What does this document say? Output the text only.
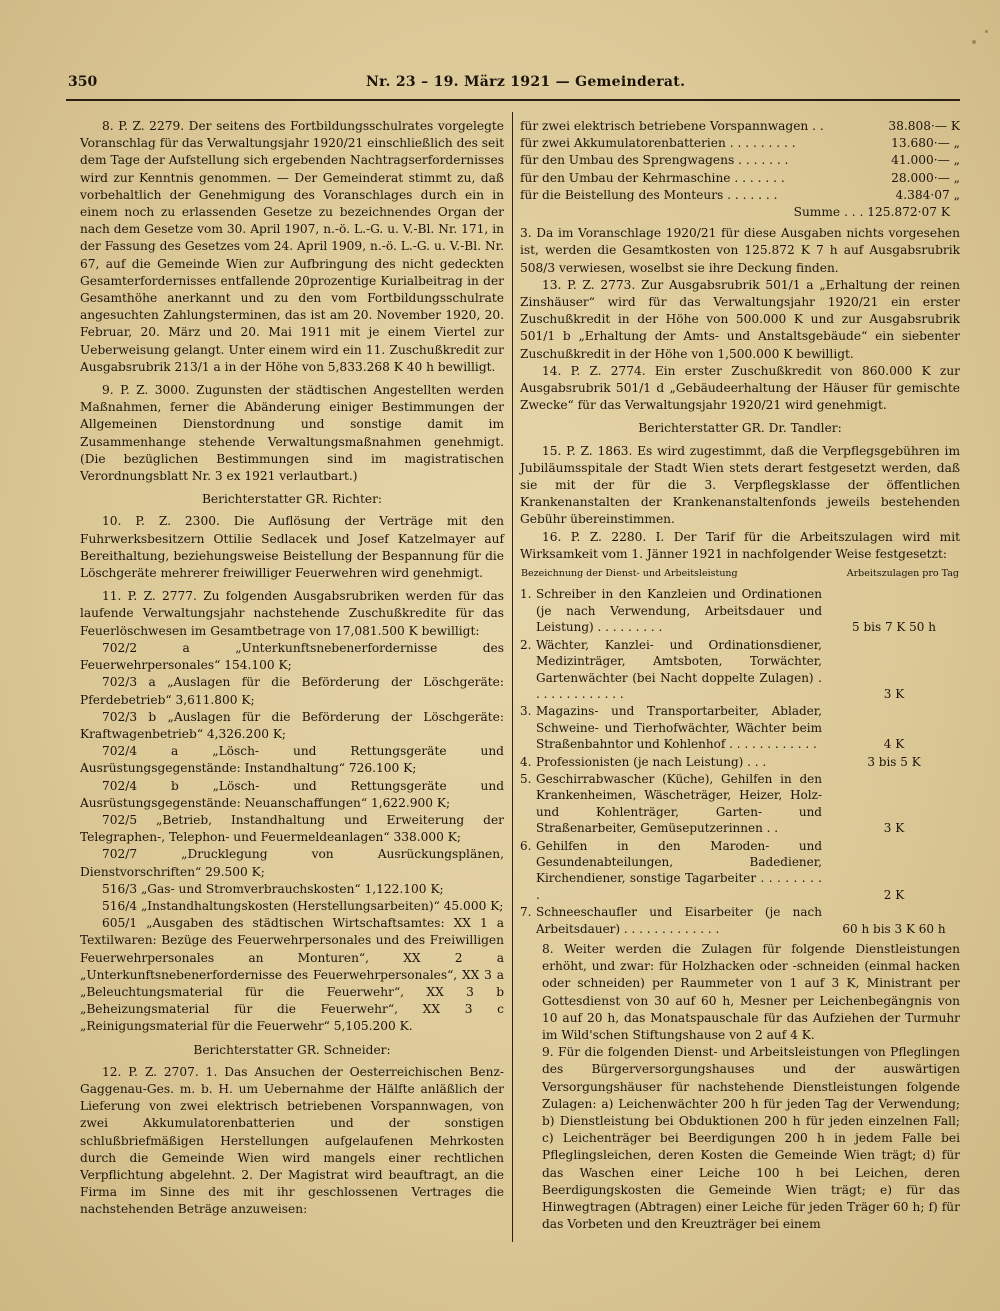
350	Nr. 23 – 19. März 1921 — Gemeinderat.

8. P. Z. 2279. Der seitens des Fortbildungsschulrates vorgelegte Voranschlag für das Verwaltungsjahr 1920/21 einschließlich des seit dem Tage der Aufstellung sich ergebenden Nachtragserfordernisses wird zur Kenntnis genommen. — Der Gemeinderat stimmt zu, daß vorbehaltlich der Genehmigung des Voranschlages durch ein in einem noch zu erlassenden Gesetze zu bezeichnendes Organ der nach dem Gesetze vom 30. April 1907, n.-ö. L.-G. u. V.-Bl. Nr. 171, in der Fassung des Gesetzes vom 24. April 1909, n.-ö. L.-G. u. V.-Bl. Nr. 67, auf die Gemeinde Wien zur Aufbringung des nicht gedeckten Gesamterfordernisses entfallende 20prozentige Kurialbeitrag in der Gesamthöhe anerkannt und zu den vom Fortbildungsschulrate angesuchten Zahlungsterminen, das ist am 20. November 1920, 20. Februar, 20. März und 20. Mai 1911 mit je einem Viertel zur Ueberweisung gelangt. Unter einem wird ein 11. Zuschußkredit zur Ausgabsrubrik 213/1 a in der Höhe von 5,833.268 K 40 h bewilligt.

9. P. Z. 3000. Zugunsten der städtischen Angestellten werden Maßnahmen, ferner die Abänderung einiger Bestimmungen der Allgemeinen Dienstordnung und sonstige damit im Zusammenhange stehende Verwaltungsmaßnahmen genehmigt. (Die bezüglichen Bestimmungen sind im magistratischen Verordnungsblatt Nr. 3 ex 1921 verlautbart.)

Berichterstatter GR. Richter:

10. P. Z. 2300. Die Auflösung der Verträge mit den Fuhrwerksbesitzern Ottilie Sedlacek und Josef Katzelmayer auf Bereithaltung, beziehungsweise Beistellung der Bespannung für die Löschgeräte mehrerer freiwilliger Feuerwehren wird genehmigt.

11. P. Z. 2777. Zu folgenden Ausgabsrubriken werden für das laufende Verwaltungsjahr nachstehende Zuschußkredite für das Feuerlöschwesen im Gesamtbetrage von 17,081.500 K bewilligt:

702/2 a „Unterkunftsnebenerfordernisse des Feuerwehrpersonales“ 154.100 K;

702/3 a „Auslagen für die Beförderung der Löschgeräte: Pferdebetrieb“ 3,611.800 K;

702/3 b „Auslagen für die Beförderung der Löschgeräte: Kraftwagenbetrieb“ 4,326.200 K;

702/4 a „Lösch- und Rettungsgeräte und Ausrüstungsgegenstände: Instandhaltung“ 726.100 K;

702/4 b „Lösch- und Rettungsgeräte und Ausrüstungsgegenstände: Neuanschaffungen“ 1,622.900 K;

702/5 „Betrieb, Instandhaltung und Erweiterung der Telegraphen-, Telephon- und Feuermeldeanlagen“ 338.000 K;

702/7 „Drucklegung von Ausrückungsplänen, Dienstvorschriften“ 29.500 K;

516/3 „Gas- und Stromverbrauchskosten“ 1,122.100 K;

516/4 „Instandhaltungskosten (Herstellungsarbeiten)“ 45.000 K;

605/1 „Ausgaben des städtischen Wirtschaftsamtes: XX 1 a Textilwaren: Bezüge des Feuerwehrpersonales und des Freiwilligen Feuerwehrpersonales an Monturen“, XX 2 a „Unterkunftsnebenerfordernisse des Feuerwehrpersonales“, XX 3 a „Beleuchtungsmaterial für die Feuerwehr“, XX 3 b „Beheizungsmaterial für die Feuerwehr“, XX 3 c „Reinigungsmaterial für die Feuerwehr“ 5,105.200 K.

Berichterstatter GR. Schneider:

12. P. Z. 2707. 1. Das Ansuchen der Oesterreichischen Benz-Gaggenau-Ges. m. b. H. um Uebernahme der Hälfte anläßlich der Lieferung von zwei elektrisch betriebenen Vorspannwagen, von zwei Akkumulatorenbatterien und der sonstigen schlußbriefmäßigen Herstellungen aufgelaufenen Mehrkosten durch die Gemeinde Wien wird mangels einer rechtlichen Verpflichtung abgelehnt. 2. Der Magistrat wird beauftragt, an die Firma im Sinne des mit ihr geschlossenen Vertrages die nachstehenden Beträge anzuweisen:

für zwei elektrisch betriebene Vorspannwagen . .	38.808·— K
für zwei Akkumulatorenbatterien . . . . . . . . .	13.680·— „
für den Umbau des Sprengwagens . . . . . . .	41.000·— „
für den Umbau der Kehrmaschine . . . . . . .	28.000·— „
für die Beistellung des Monteurs . . . . . . .	4.384·07 „
Summe . . . 125.872·07 K

3. Da im Voranschlage 1920/21 für diese Ausgaben nichts vorgesehen ist, werden die Gesamtkosten von 125.872 K 7 h auf Ausgabsrubrik 508/3 verwiesen, woselbst sie ihre Deckung finden.

13. P. Z. 2773. Zur Ausgabsrubrik 501/1 a „Erhaltung der reinen Zinshäuser“ wird für das Verwaltungsjahr 1920/21 ein erster Zuschußkredit in der Höhe von 500.000 K und zur Ausgabsrubrik 501/1 b „Erhaltung der Amts- und Anstaltsgebäude“ ein siebenter Zuschußkredit in der Höhe von 1,500.000 K bewilligt.

14. P. Z. 2774. Ein erster Zuschußkredit von 860.000 K zur Ausgabsrubrik 501/1 d „Gebäudeerhaltung der Häuser für gemischte Zwecke“ für das Verwaltungsjahr 1920/21 wird genehmigt.

Berichterstatter GR. Dr. Tandler:

15. P. Z. 1863. Es wird zugestimmt, daß die Verpflegsgebühren im Jubiläumsspitale der Stadt Wien stets derart festgesetzt werden, daß sie mit der für die 3. Verpflegsklasse der öffentlichen Krankenanstalten der Krankenanstaltenfonds jeweils bestehenden Gebühr übereinstimmen.

16. P. Z. 2280. I. Der Tarif für die Arbeitszulagen wird mit Wirksamkeit vom 1. Jänner 1921 in nachfolgender Weise festgesetzt:

Bezeichnung der Dienst- und Arbeitsleistung		Arbeitszulagen pro Tag
1.	Schreiber in den Kanzleien und Ordinationen (je nach Verwendung, Arbeitsdauer und Leistung) . . . . . . . . .	5 bis 7 K 50 h
2.	Wächter, Kanzlei- und Ordinationsdiener, Medizinträger, Amtsboten, Torwächter, Gartenwächter (bei Nacht doppelte Zulagen) . . . . . . . . . . . . .	3 K
3.	Magazins- und Transportarbeiter, Ablader, Schweine- und Tierhofwächter, Wächter beim Straßenbahntor und Kohlenhof . . . . . . . . . . . .	4 K
4.	Professionisten (je nach Leistung) . . .	3 bis 5 K
5.	Geschirrabwascher (Küche), Gehilfen in den Krankenheimen, Wäscheträger, Heizer, Holz- und Kohlenträger, Garten- und Straßenarbeiter, Gemüseputzerinnen . .	3 K
6.	Gehilfen in den Maroden- und Gesundenabteilungen, Badediener, Kirchendiener, sonstige Tagarbeiter . . . . . . . . .	2 K
7.	Schneeschaufler und Eisarbeiter (je nach Arbeitsdauer) . . . . . . . . . . . . .	60 h bis 3 K 60 h

8. Weiter werden die Zulagen für folgende Dienstleistungen erhöht, und zwar: für Holzhacken oder -schneiden (einmal hacken oder schneiden) per Raummeter von 1 auf 3 K, Ministrant per Gottesdienst von 30 auf 60 h, Mesner per Leichenbegängnis von 10 auf 20 h, das Monatspauschale für das Aufziehen der Turmuhr im Wild'schen Stiftungshause von 2 auf 4 K.

9. Für die folgenden Dienst- und Arbeitsleistungen von Pfleglingen des Bürgerversorgungshauses und der auswärtigen Versorgungshäuser für nachstehende Dienstleistungen folgende Zulagen: a) Leichenwächter 200 h für jeden Tag der Verwendung; b) Dienstleistung bei Obduktionen 200 h für jeden einzelnen Fall; c) Leichenträger bei Beerdigungen 200 h in jedem Falle bei Pfleglingsleichen, deren Kosten die Gemeinde Wien trägt; d) für das Waschen einer Leiche 100 h bei Leichen, deren Beerdigungskosten die Gemeinde Wien trägt; e) für das Hinwegtragen (Abtragen) einer Leiche für jeden Träger 60 h; f) für das Vorbeten und den Kreuzträger bei einem
